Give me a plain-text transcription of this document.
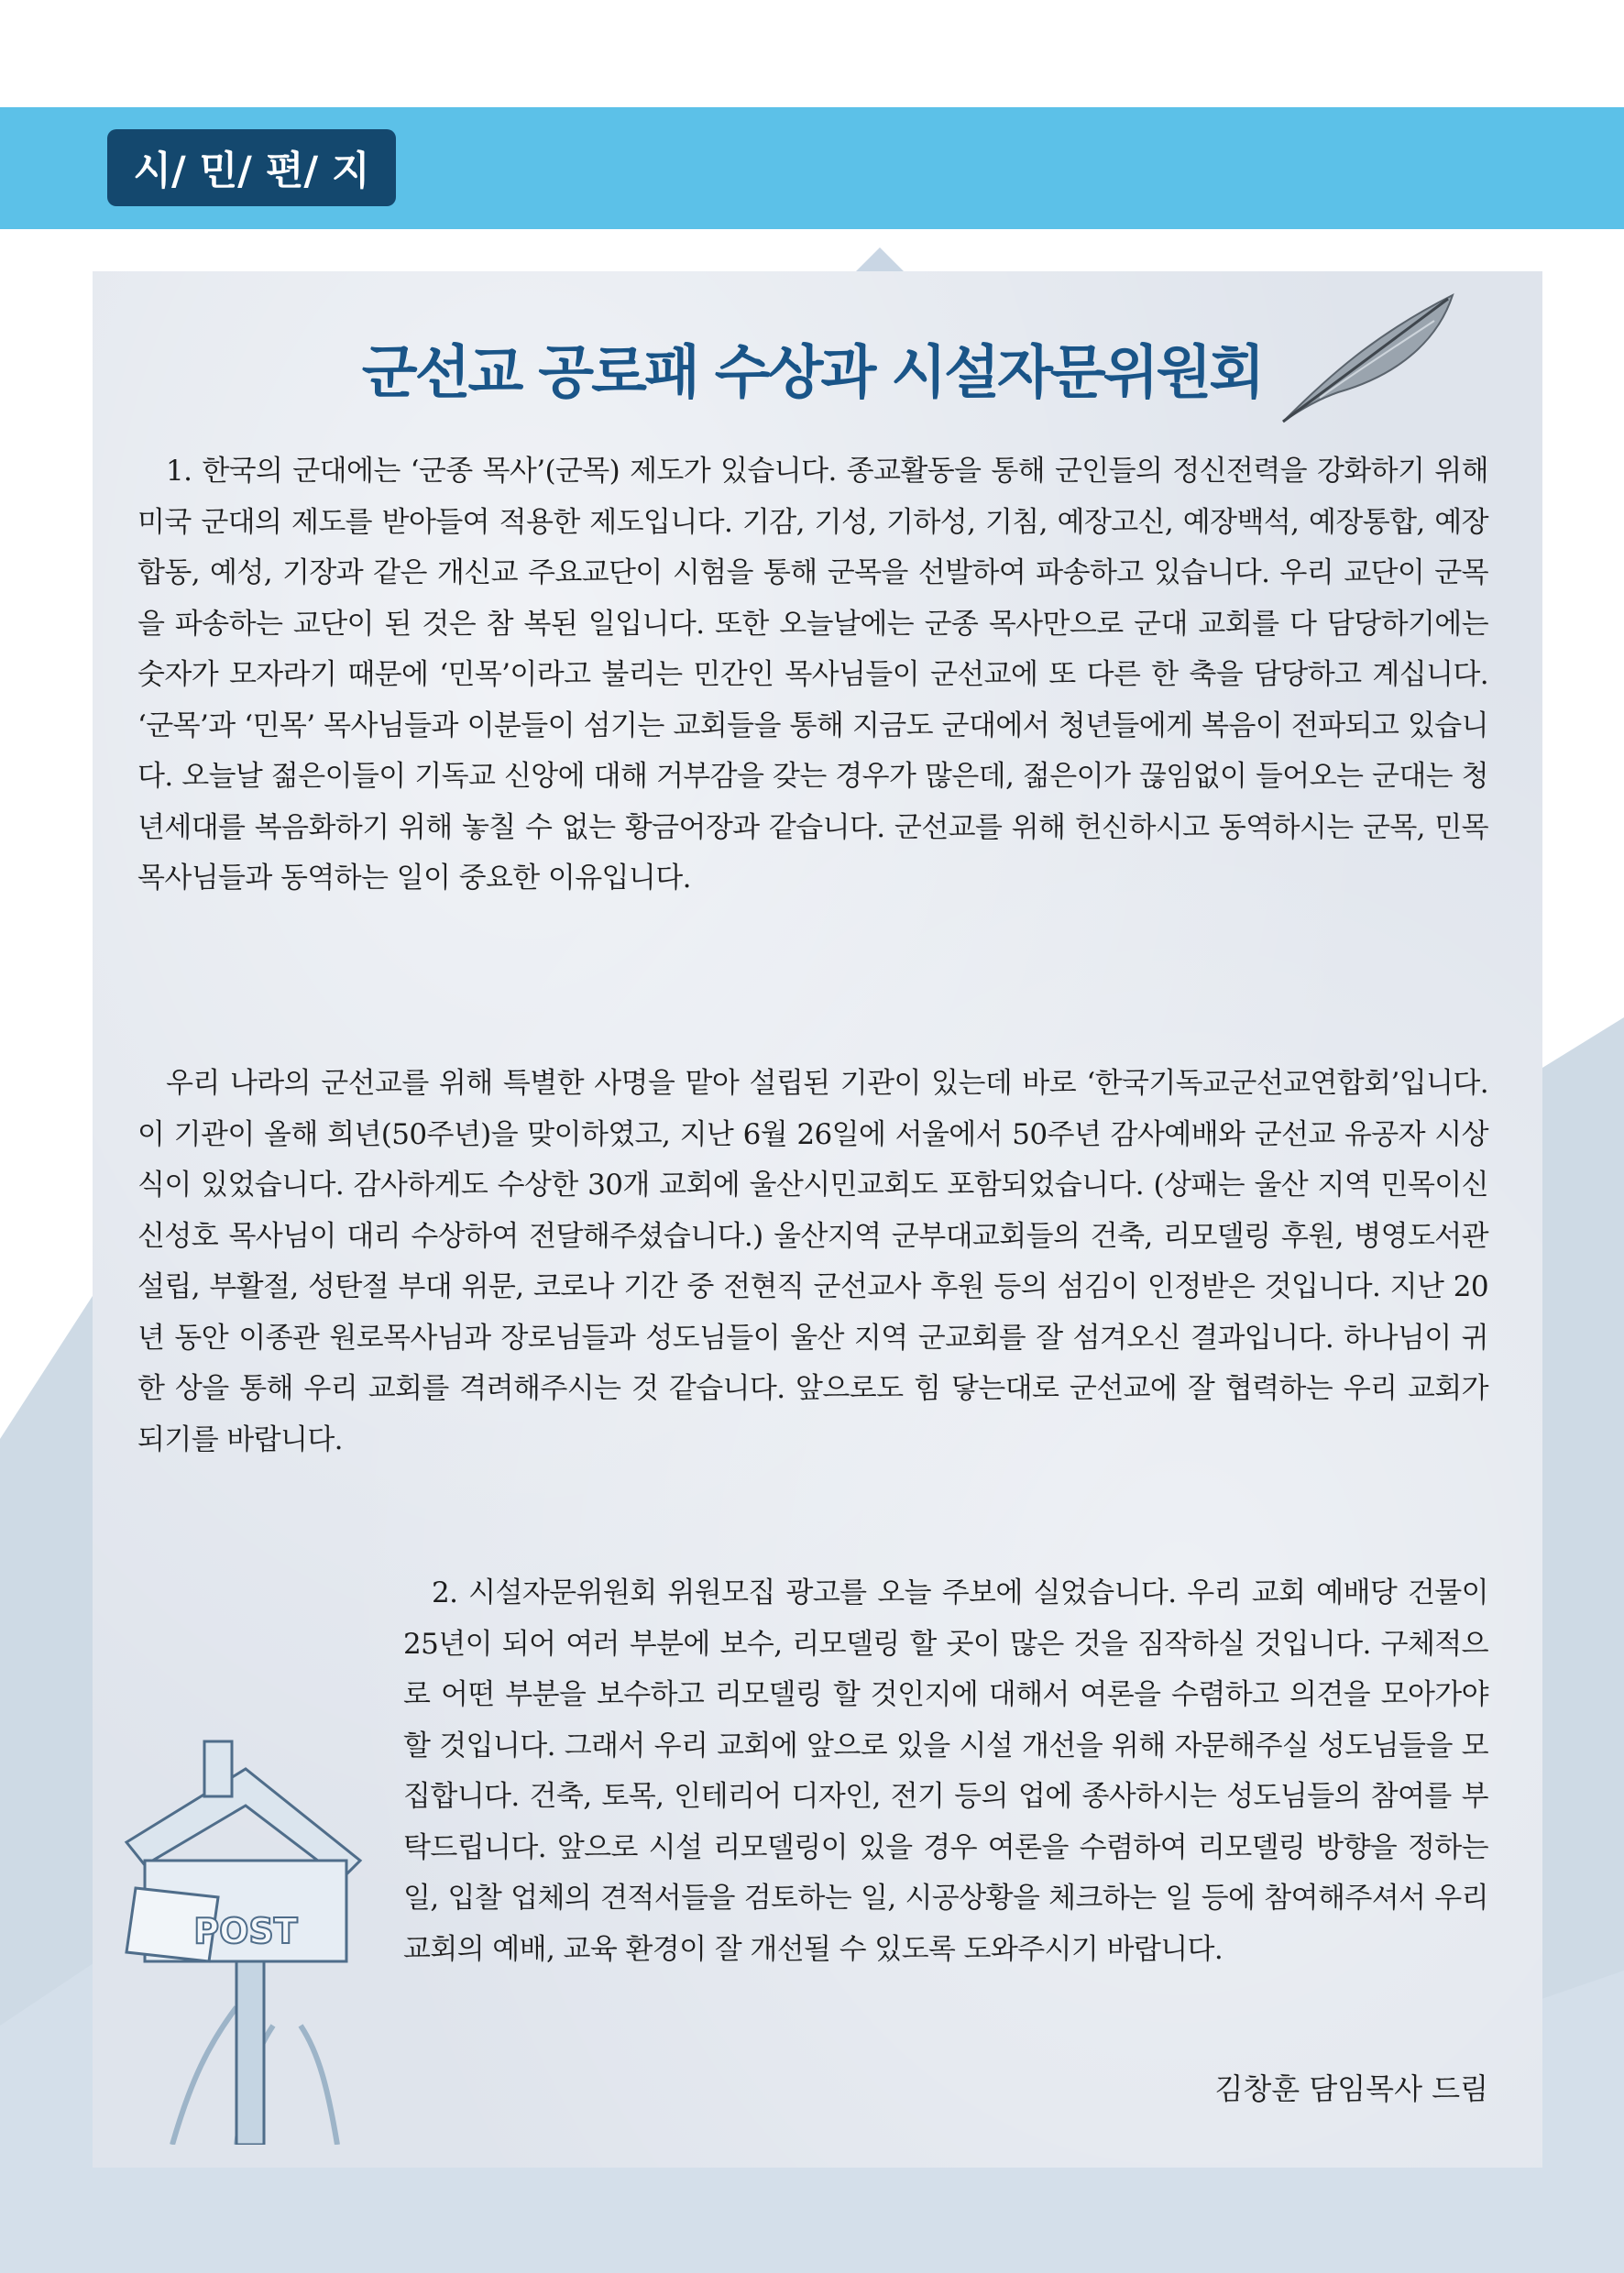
시/ 민/ 편/ 지
군선교 공로패 수상과 시설자문위원회

1. 한국의 군대에는 ‘군종 목사’(군목) 제도가 있습니다. 종교활동을 통해 군인들의 정신전력을 강화하기 위해 미국 군대의 제도를 받아들여 적용한 제도입니다. 기감, 기성, 기하성, 기침, 예장고신, 예장백석, 예장통합, 예장합동, 예성, 기장과 같은 개신교 주요교단이 시험을 통해 군목을 선발하여 파송하고 있습니다. 우리 교단이 군목을 파송하는 교단이 된 것은 참 복된 일입니다. 또한 오늘날에는 군종 목사만으로 군대 교회를 다 담당하기에는 숫자가 모자라기 때문에 ‘민목’이라고 불리는 민간인 목사님들이 군선교에 또 다른 한 축을 담당하고 계십니다. ‘군목’과 ‘민목’ 목사님들과 이분들이 섬기는 교회들을 통해 지금도 군대에서 청년들에게 복음이 전파되고 있습니다. 오늘날 젊은이들이 기독교 신앙에 대해 거부감을 갖는 경우가 많은데, 젊은이가 끊임없이 들어오는 군대는 청년세대를 복음화하기 위해 놓칠 수 없는 황금어장과 같습니다. 군선교를 위해 헌신하시고 동역하시는 군목, 민목 목사님들과 동역하는 일이 중요한 이유입니다.

우리 나라의 군선교를 위해 특별한 사명을 맡아 설립된 기관이 있는데 바로 ‘한국기독교군선교연합회’입니다. 이 기관이 올해 희년(50주년)을 맞이하였고, 지난 6월 26일에 서울에서 50주년 감사예배와 군선교 유공자 시상식이 있었습니다. 감사하게도 수상한 30개 교회에 울산시민교회도 포함되었습니다. (상패는 울산 지역 민목이신 신성호 목사님이 대리 수상하여 전달해주셨습니다.) 울산지역 군부대교회들의 건축, 리모델링 후원, 병영도서관 설립, 부활절, 성탄절 부대 위문, 코로나 기간 중 전현직 군선교사 후원 등의 섬김이 인정받은 것입니다. 지난 20년 동안 이종관 원로목사님과 장로님들과 성도님들이 울산 지역 군교회를 잘 섬겨오신 결과입니다. 하나님이 귀한 상을 통해 우리 교회를 격려해주시는 것 같습니다. 앞으로도 힘 닿는대로 군선교에 잘 협력하는 우리 교회가 되기를 바랍니다.

2. 시설자문위원회 위원모집 광고를 오늘 주보에 실었습니다. 우리 교회 예배당 건물이 25년이 되어 여러 부분에 보수, 리모델링 할 곳이 많은 것을 짐작하실 것입니다. 구체적으로 어떤 부분을 보수하고 리모델링 할 것인지에 대해서 여론을 수렴하고 의견을 모아가야 할 것입니다. 그래서 우리 교회에 앞으로 있을 시설 개선을 위해 자문해주실 성도님들을 모집합니다. 건축, 토목, 인테리어 디자인, 전기 등의 업에 종사하시는 성도님들의 참여를 부탁드립니다. 앞으로 시설 리모델링이 있을 경우 여론을 수렴하여 리모델링 방향을 정하는 일, 입찰 업체의 견적서들을 검토하는 일, 시공상황을 체크하는 일 등에 참여해주셔서 우리 교회의 예배, 교육 환경이 잘 개선될 수 있도록 도와주시기 바랍니다.

POST

김창훈 담임목사 드림
